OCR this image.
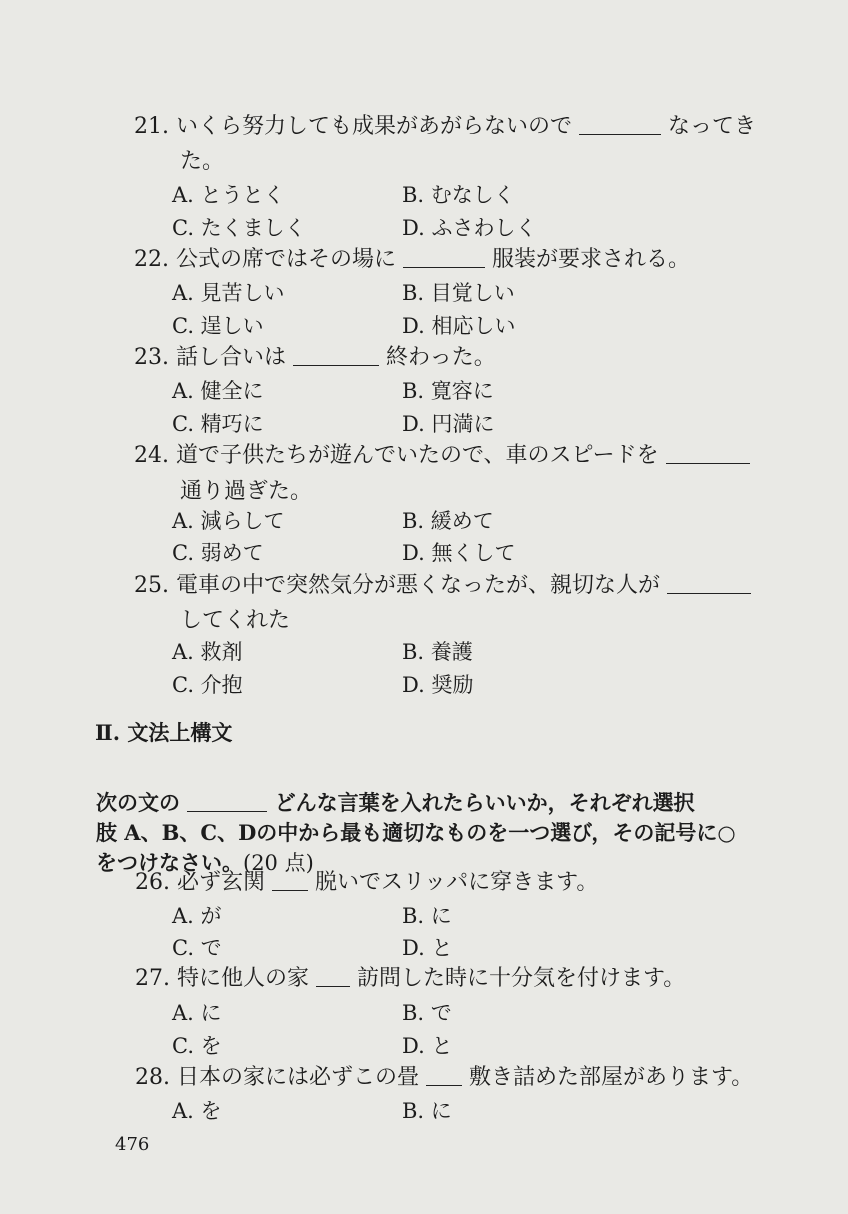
21. いくら努力しても成果があがらないので	なってき
た。
A. とうとく	B. むなしく
C. たくましく	D. ふさわしく
22. 公式の席ではその場に	服装が要求される。
A. 見苦しい	B. 目覚しい
C. 逞しい	D. 相応しい
23. 話し合いは	終わった。
A. 健全に	B. 寛容に
C. 精巧に	D. 円満に
24. 道で子供たちが遊んでいたので、車のスピードを
通り過ぎた。
A. 減らして	B. 緩めて
C. 弱めて	D. 無くして
25. 電車の中で突然気分が悪くなったが、親切な人が
してくれた
A. 救剤	B. 養護
C. 介抱	D. 奨励
Ⅱ. 文法上構文
次の文の	どんな言葉を入れたらいいか，それぞれ選択
肢 A、B、C、Dの中から最も適切なものを一つ選び，その記号に○
をつけなさい。(20 点)
26. 必ず玄関 脱いでスリッパに穿きます。
A. が	B. に
C. で	D. と
27. 特に他人の家 訪問した時に十分気を付けます。
A. に	B. で
C. を	D. と
28. 日本の家には必ずこの畳 敷き詰めた部屋があります。
A. を	B. に
476
